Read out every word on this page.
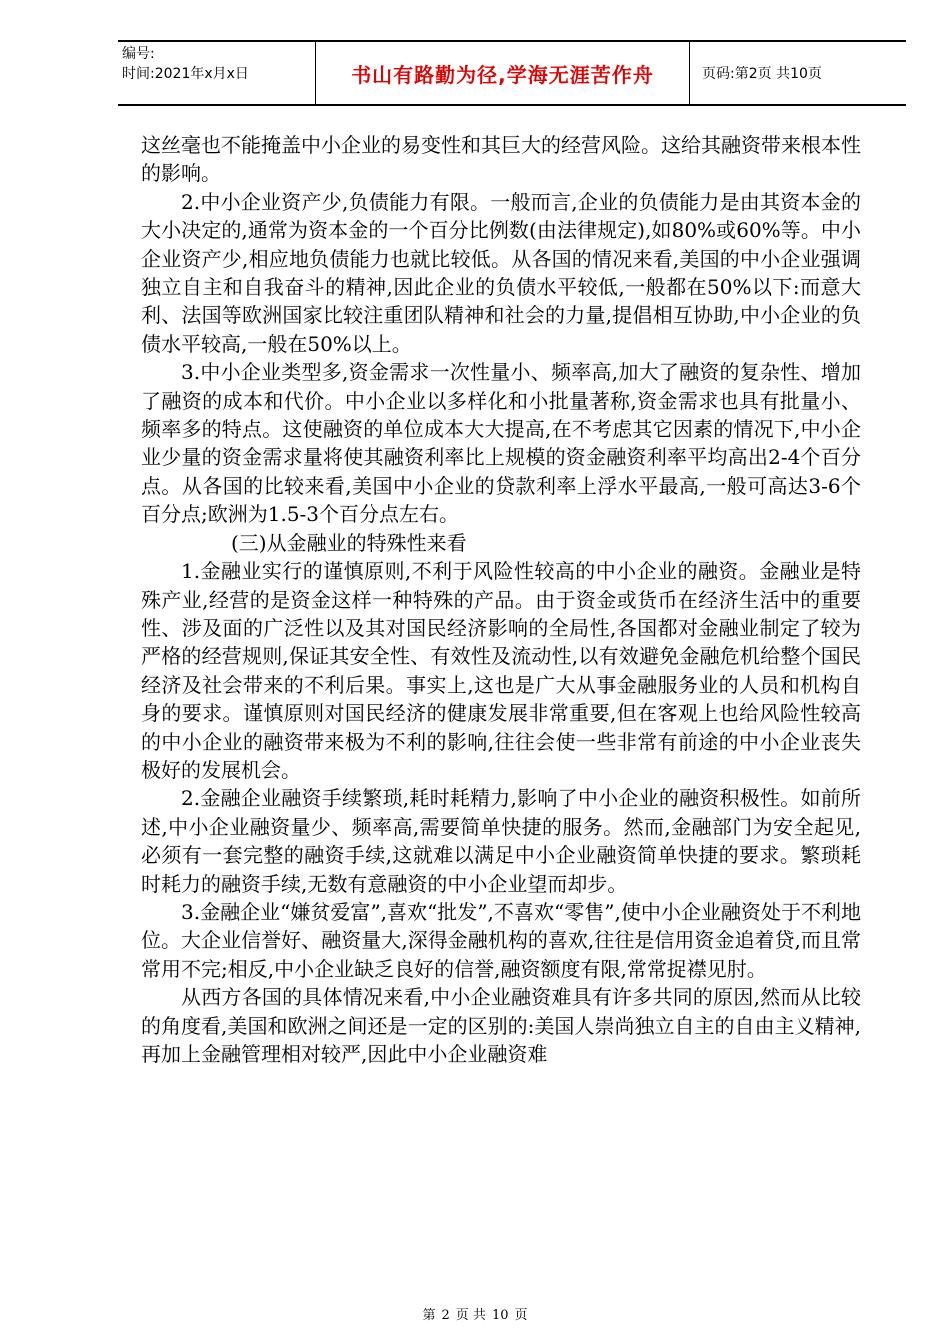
编号:
时间:2021年x月x日	书山有路勤为径,学海无涯苦作舟	页码:第2页 共10页

这丝毫也不能掩盖中小企业的易变性和其巨大的经营风险。这给其融资带来根本性的影响。

2.中小企业资产少,负债能力有限。一般而言,企业的负债能力是由其资本金的大小决定的,通常为资本金的一个百分比例数(由法律规定),如80%或60%等。中小企业资产少,相应地负债能力也就比较低。从各国的情况来看,美国的中小企业强调独立自主和自我奋斗的精神,因此企业的负债水平较低,一般都在50%以下:而意大利、法国等欧洲国家比较注重团队精神和社会的力量,提倡相互协助,中小企业的负债水平较高,一般在50%以上。

3.中小企业类型多,资金需求一次性量小、频率高,加大了融资的复杂性、增加了融资的成本和代价。中小企业以多样化和小批量著称,资金需求也具有批量小、频率多的特点。这使融资的单位成本大大提高,在不考虑其它因素的情况下,中小企业少量的资金需求量将使其融资利率比上规模的资金融资利率平均高出2-4个百分点。从各国的比较来看,美国中小企业的贷款利率上浮水平最高,一般可高达3-6个百分点;欧洲为1.5-3个百分点左右。

(三)从金融业的特殊性来看

1.金融业实行的谨慎原则,不利于风险性较高的中小企业的融资。金融业是特殊产业,经营的是资金这样一种特殊的产品。由于资金或货币在经济生活中的重要性、涉及面的广泛性以及其对国民经济影响的全局性,各国都对金融业制定了较为严格的经营规则,保证其安全性、有效性及流动性,以有效避免金融危机给整个国民经济及社会带来的不利后果。事实上,这也是广大从事金融服务业的人员和机构自身的要求。谨慎原则对国民经济的健康发展非常重要,但在客观上也给风险性较高的中小企业的融资带来极为不利的影响,往往会使一些非常有前途的中小企业丧失极好的发展机会。

2.金融企业融资手续繁琐,耗时耗精力,影响了中小企业的融资积极性。如前所述,中小企业融资量少、频率高,需要简单快捷的服务。然而,金融部门为安全起见,必须有一套完整的融资手续,这就难以满足中小企业融资简单快捷的要求。繁琐耗时耗力的融资手续,无数有意融资的中小企业望而却步。

3.金融企业“嫌贫爱富”,喜欢“批发”,不喜欢“零售”,使中小企业融资处于不利地位。大企业信誉好、融资量大,深得金融机构的喜欢,往往是信用资金追着贷,而且常常用不完;相反,中小企业缺乏良好的信誉,融资额度有限,常常捉襟见肘。

从西方各国的具体情况来看,中小企业融资难具有许多共同的原因,然而从比较的角度看,美国和欧洲之间还是一定的区别的:美国人崇尚独立自主的自由主义精神,再加上金融管理相对较严,因此中小企业融资难

第 2 页 共 10 页
